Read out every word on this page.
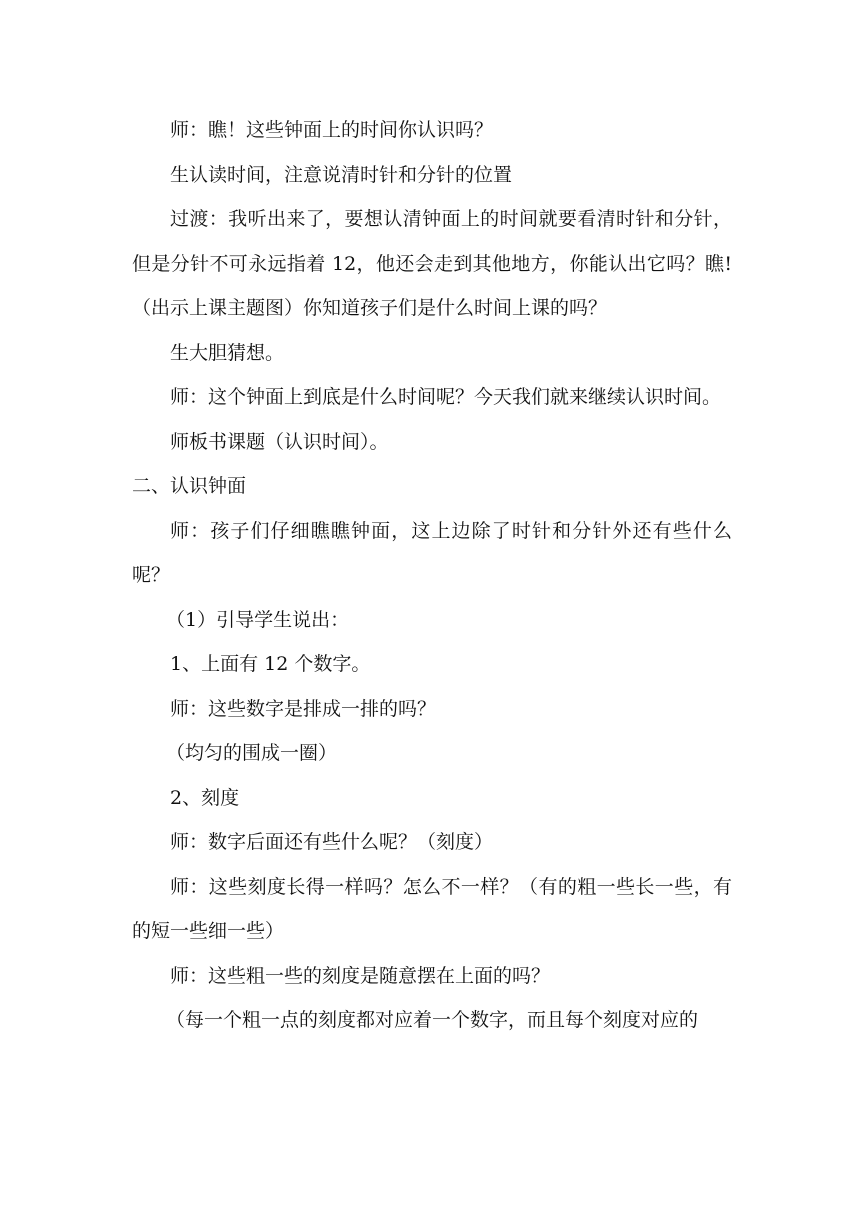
师：瞧！这些钟面上的时间你认识吗？

生认读时间，注意说清时针和分针的位置

过渡：我听出来了，要想认清钟面上的时间就要看清时针和分针，但是分针不可永远指着 12，他还会走到其他地方，你能认出它吗？瞧!（出示上课主题图）你知道孩子们是什么时间上课的吗？

生大胆猜想。

师：这个钟面上到底是什么时间呢？今天我们就来继续认识时间。

师板书课题（认识时间）。

二、认识钟面

师：孩子们仔细瞧瞧钟面，这上边除了时针和分针外还有些什么呢？

（1）引导学生说出：

1、上面有 12 个数字。

师：这些数字是排成一排的吗？

（均匀的围成一圈）

2、刻度

师：数字后面还有些什么呢？（刻度）

师：这些刻度长得一样吗？怎么不一样？（有的粗一些长一些，有的短一些细一些）

师：这些粗一些的刻度是随意摆在上面的吗？

（每一个粗一点的刻度都对应着一个数字，而且每个刻度对应的
